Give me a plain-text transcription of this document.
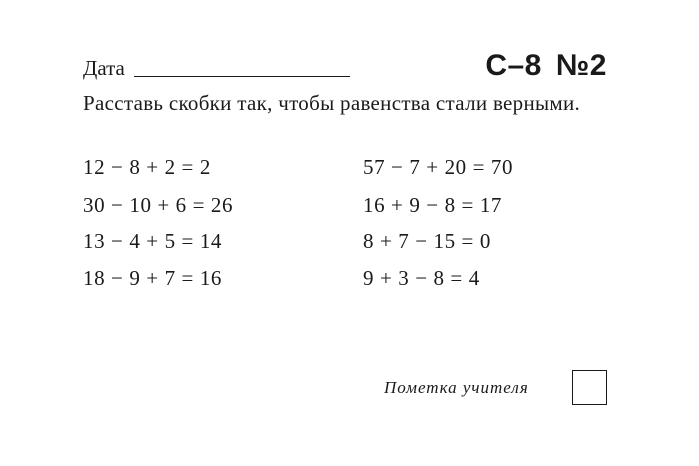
Дата	С–8 №2
Расставь скобки так, чтобы равенства стали верными.
12 − 8 + 2 = 2
30 − 10 + 6 = 26
13 − 4 + 5 = 14
18 − 9 + 7 = 16
57 − 7 + 20 = 70
16 + 9 − 8 = 17
8 + 7 − 15 = 0
9 + 3 − 8 = 4
Пометка учителя
